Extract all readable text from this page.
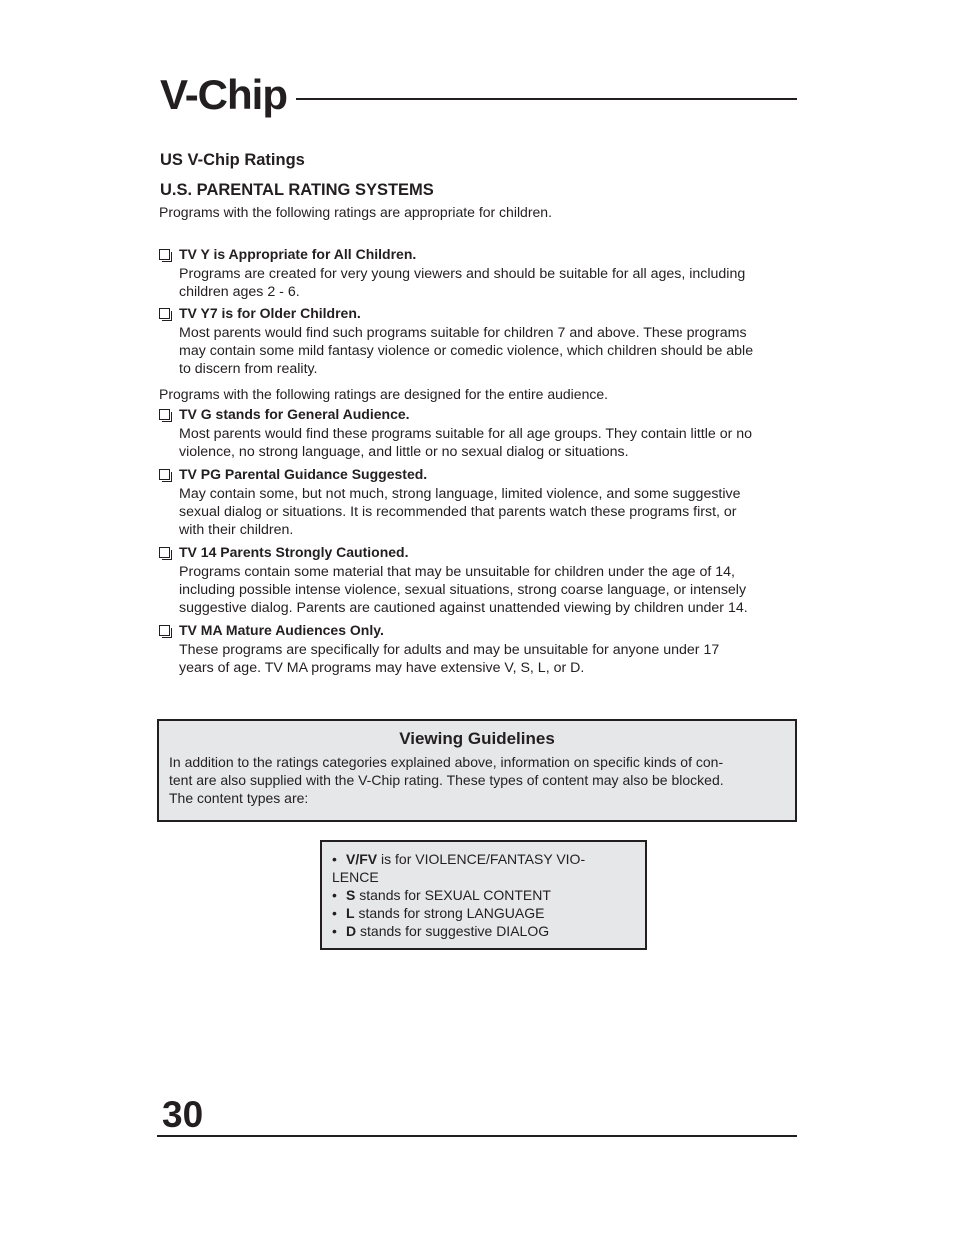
V-Chip
US V-Chip Ratings
U.S. PARENTAL RATING SYSTEMS
Programs with the following ratings are appropriate for children.
TV Y is Appropriate for All Children.
Programs are created for very young viewers and should be suitable for all ages, including
children ages 2 - 6.
TV Y7 is for Older Children.
Most parents would find such programs suitable for children 7 and above. These programs
may contain some mild fantasy violence or comedic violence, which children should be able
to discern from reality.
Programs with the following ratings are designed for the entire audience.
TV G stands for General Audience.
Most parents would find these programs suitable for all age groups. They contain little or no
violence, no strong language, and little or no sexual dialog or situations.
TV PG Parental Guidance Suggested.
May contain some, but not much, strong language, limited violence, and some suggestive
sexual dialog or situations. It is recommended that parents watch these programs first, or
with their children.
TV 14 Parents Strongly Cautioned.
Programs contain some material that may be unsuitable for children under the age of 14,
including possible intense violence, sexual situations, strong coarse language, or intensely
suggestive dialog. Parents are cautioned against unattended viewing by children under 14.
TV MA Mature Audiences Only.
These programs are specifically for adults and may be unsuitable for anyone under 17
years of age. TV MA programs may have extensive V, S, L, or D.
Viewing Guidelines
In addition to the ratings categories explained above, information on specific kinds of con-
tent are also supplied with the V-Chip rating. These types of content may also be blocked.
The content types are:
• V/FV is for VIOLENCE/FANTASY VIO-
LENCE
• S stands for SEXUAL CONTENT
• L stands for strong LANGUAGE
• D stands for suggestive DIALOG
30
